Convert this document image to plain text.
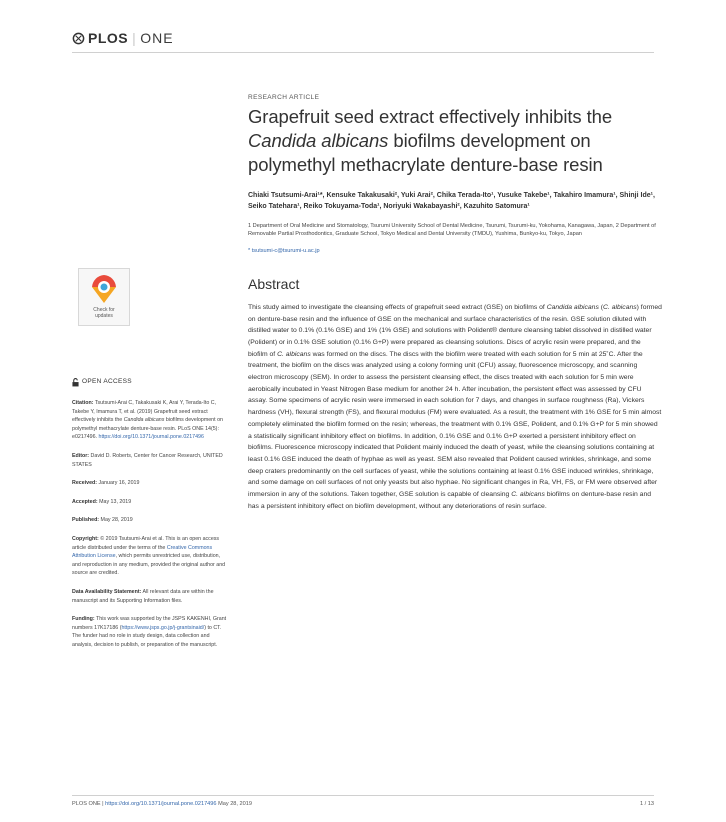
PLOS | ONE
Check for
updates
OPEN ACCESS
Citation: Tsutsumi-Arai C, Takakusaki K, Arai Y, Terada-Ito C, Takebe Y, Imamura T, et al. (2019) Grapefruit seed extract effectively inhibits the Candida albicans biofilms development on polymethyl methacrylate denture-base resin. PLoS ONE 14(5): e0217496. https://doi.org/10.1371/journal.pone.0217496
Editor: David D. Roberts, Center for Cancer Research, UNITED STATES
Received: January 16, 2019
Accepted: May 13, 2019
Published: May 28, 2019
Copyright: © 2019 Tsutsumi-Arai et al. This is an open access article distributed under the terms of the Creative Commons Attribution License, which permits unrestricted use, distribution, and reproduction in any medium, provided the original author and source are credited.
Data Availability Statement: All relevant data are within the manuscript and its Supporting Information files.
Funding: This work was supported by the JSPS KAKENHI, Grant numbers 17K17186 (https://www.jsps.go.jp/j-grantsinaid/) to CT. The funder had no role in study design, data collection and analysis, decision to publish, or preparation of the manuscript.
RESEARCH ARTICLE
Grapefruit seed extract effectively inhibits the
Candida albicans biofilms development on
polymethyl methacrylate denture-base resin
Chiaki Tsutsumi-Arai¹*, Kensuke Takakusaki², Yuki Arai², Chika Terada-Ito¹, Yusuke Takebe¹, Takahiro Imamura¹, Shinji Ide¹, Seiko Tatehara¹, Reiko Tokuyama-Toda¹, Noriyuki Wakabayashi², Kazuhito Satomura¹
1 Department of Oral Medicine and Stomatology, Tsurumi University School of Dental Medicine, Tsurumi, Tsurumi-ku, Yokohama, Kanagawa, Japan, 2 Department of Removable Partial Prosthodontics, Graduate School, Tokyo Medical and Dental University (TMDU), Yushima, Bunkyo-ku, Tokyo, Japan
* tsutsumi-c@tsurumi-u.ac.jp
Abstract
This study aimed to investigate the cleansing effects of grapefruit seed extract (GSE) on biofilms of Candida albicans (C. albicans) formed on denture-base resin and the influence of GSE on the mechanical and surface characteristics of the resin. GSE solution diluted with distilled water to 0.1% (0.1% GSE) and 1% (1% GSE) and solutions with Polident® denture cleansing tablet dissolved in distilled water (Polident) or in 0.1% GSE solution (0.1% G+P) were prepared as cleansing solutions. Discs of acrylic resin were prepared, and the biofilm of C. albicans was formed on the discs. The discs with the biofilm were treated with each solution for 5 min at 25˚C. After the treatment, the biofilm on the discs was analyzed using a colony forming unit (CFU) assay, fluorescence microscopy, and scanning electron microscopy (SEM). In order to assess the persistent cleansing effect, the discs treated with each solution for 5 min were aerobically incubated in Yeast Nitrogen Base medium for another 24 h. After incubation, the persistent effect was assessed by CFU assay. Some specimens of acrylic resin were immersed in each solution for 7 days, and changes in surface roughness (Ra), Vickers hardness (VH), flexural strength (FS), and flexural modulus (FM) were evaluated. As a result, the treatment with 1% GSE for 5 min almost completely eliminated the biofilm formed on the resin; whereas, the treatment with 0.1% GSE, Polident, and 0.1% G+P for 5 min showed a statistically significant inhibitory effect on biofilms. In addition, 0.1% GSE and 0.1% G+P exerted a persistent inhibitory effect on biofilms. Fluorescence microscopy indicated that Polident mainly induced the death of yeast, while the cleansing solutions containing at least 0.1% GSE induced the death of hyphae as well as yeast. SEM also revealed that Polident caused wrinkles, shrinkage, and some deep craters predominantly on the cell surfaces of yeast, while the solutions containing at least 0.1% GSE induced wrinkles, shrinkage, and some damage on cell surfaces of not only yeasts but also hyphae. No significant changes in Ra, VH, FS, or FM were observed after immersion in any of the solutions. Taken together, GSE solution is capable of cleansing C. albicans biofilms on denture-base resin and has a persistent inhibitory effect on biofilm development, without any deteriorations of resin surface.
PLOS ONE | https://doi.org/10.1371/journal.pone.0217496 May 28, 2019	1 / 13
